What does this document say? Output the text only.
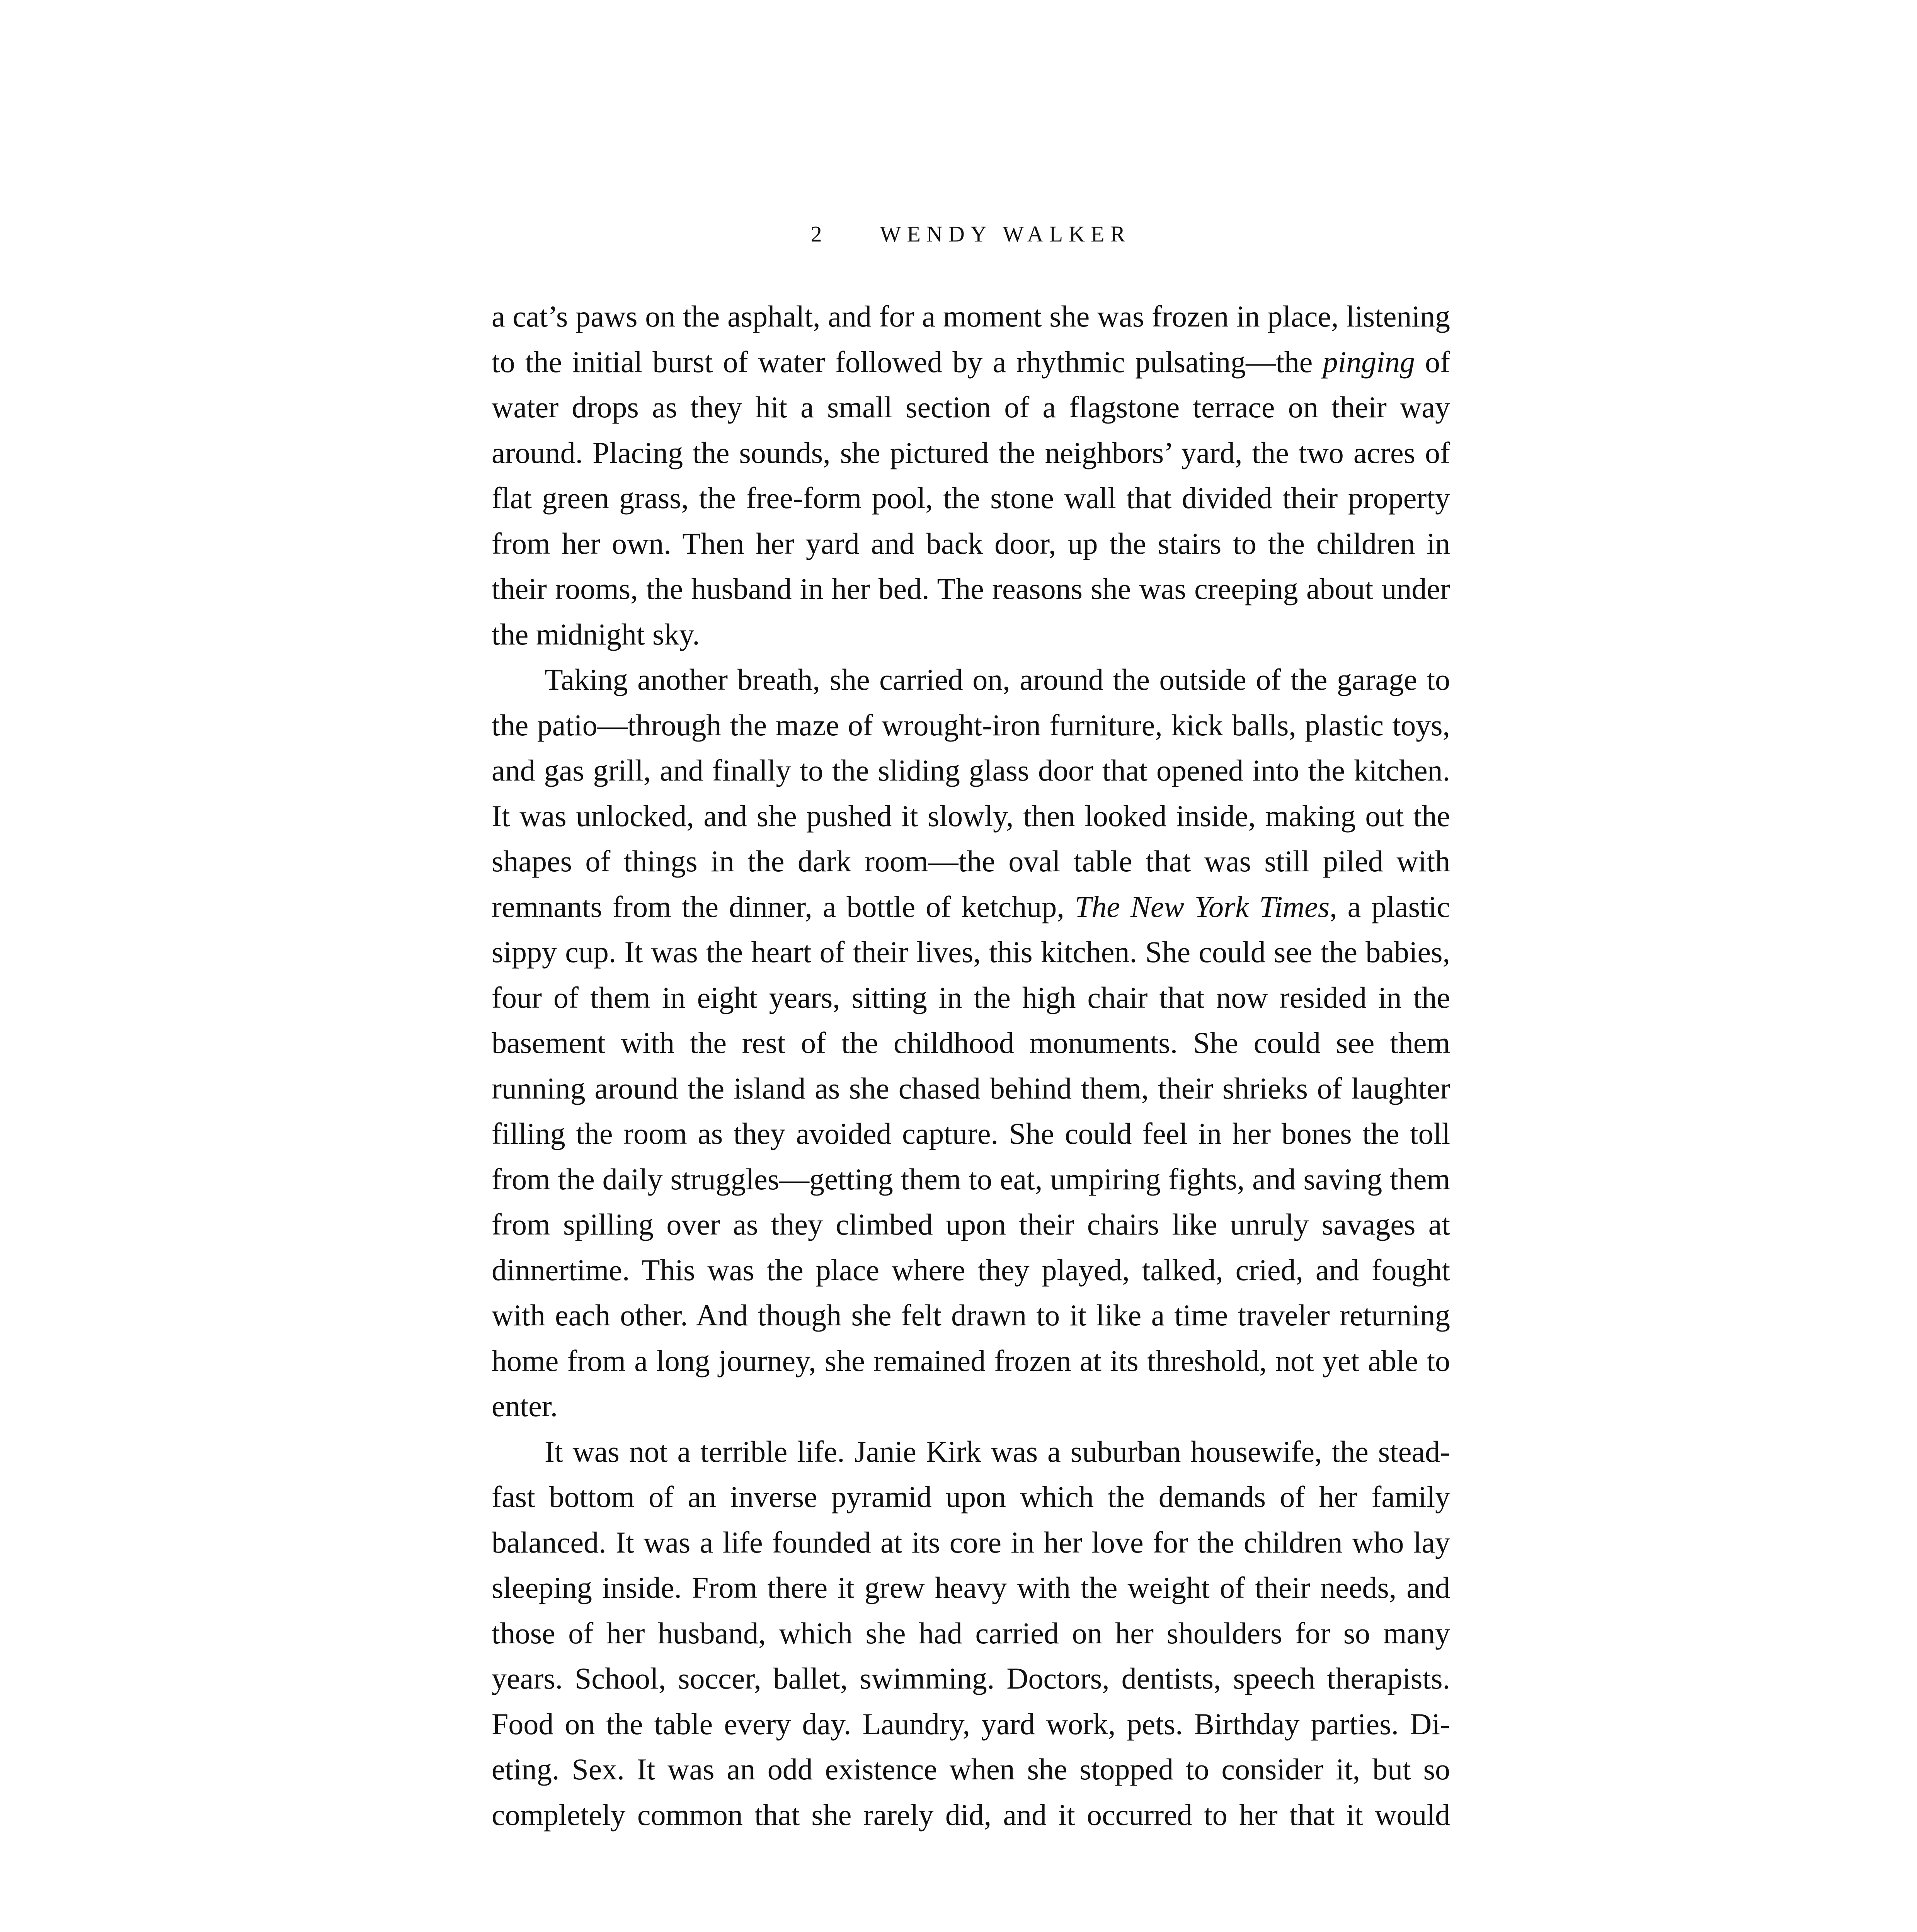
2	WENDY WALKER

a cat’s paws on the asphalt, and for a moment she was frozen in place, listening to the initial burst of water followed by a rhythmic pulsating—the pinging of water drops as they hit a small section of a flagstone terrace on their way around. Placing the sounds, she pictured the neighbors’ yard, the two acres of flat green grass, the free-form pool, the stone wall that divided their property from her own. Then her yard and back door, up the stairs to the children in their rooms, the husband in her bed. The reasons she was creeping about under the midnight sky.

Taking another breath, she carried on, around the outside of the garage to the patio—through the maze of wrought-iron furniture, kick balls, plastic toys, and gas grill, and finally to the sliding glass door that opened into the kitchen. It was unlocked, and she pushed it slowly, then looked inside, making out the shapes of things in the dark room—the oval table that was still piled with remnants from the dinner, a bottle of ketchup, The New York Times, a plastic sippy cup. It was the heart of their lives, this kitchen. She could see the babies, four of them in eight years, sitting in the high chair that now resided in the basement with the rest of the childhood monuments. She could see them running around the island as she chased behind them, their shrieks of laughter filling the room as they avoided capture. She could feel in her bones the toll from the daily struggles—getting them to eat, umpiring fights, and saving them from spilling over as they climbed upon their chairs like unruly savages at dinnertime. This was the place where they played, talked, cried, and fought with each other. And though she felt drawn to it like a time traveler returning home from a long journey, she remained frozen at its threshold, not yet able to enter.

It was not a terrible life. Janie Kirk was a suburban housewife, the steadfast bottom of an inverse pyramid upon which the demands of her family balanced. It was a life founded at its core in her love for the children who lay sleeping inside. From there it grew heavy with the weight of their needs, and those of her husband, which she had carried on her shoulders for so many years. School, soccer, ballet, swimming. Doctors, dentists, speech therapists. Food on the table every day. Laundry, yard work, pets. Birthday parties. Dieting. Sex. It was an odd existence when she stopped to consider it, but so completely common that she rarely did, and it occurred to her that it would
